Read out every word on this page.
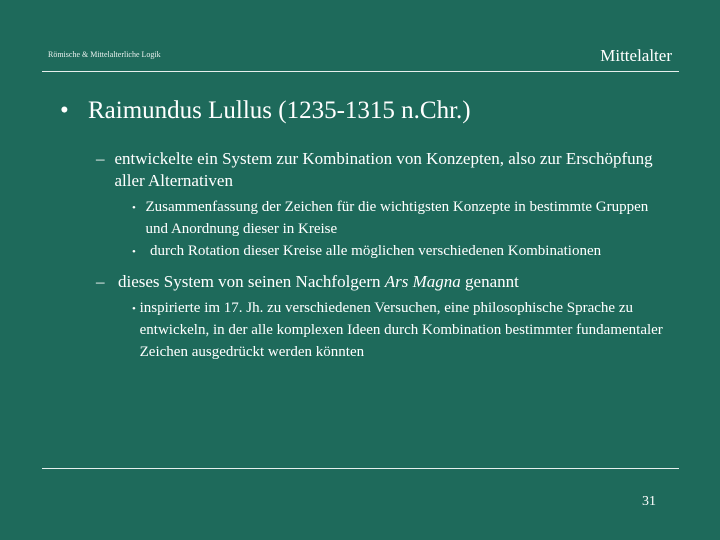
Römische & Mittelalterliche Logik	Mittelalter
• Raimundus Lullus (1235-1315 n.Chr.)
– entwickelte ein System zur Kombination von Konzepten, also zur Erschöpfung aller Alternativen
• Zusammenfassung der Zeichen für die wichtigsten Konzepte in bestimmte Gruppen und Anordnung dieser in Kreise
• durch Rotation dieser Kreise alle möglichen verschiedenen Kombinationen
– dieses System von seinen Nachfolgern Ars Magna genannt
• inspirierte im 17. Jh. zu verschiedenen Versuchen, eine philosophische Sprache zu entwickeln, in der alle komplexen Ideen durch Kombination bestimmter fundamentaler Zeichen ausgedrückt werden könnten
31
